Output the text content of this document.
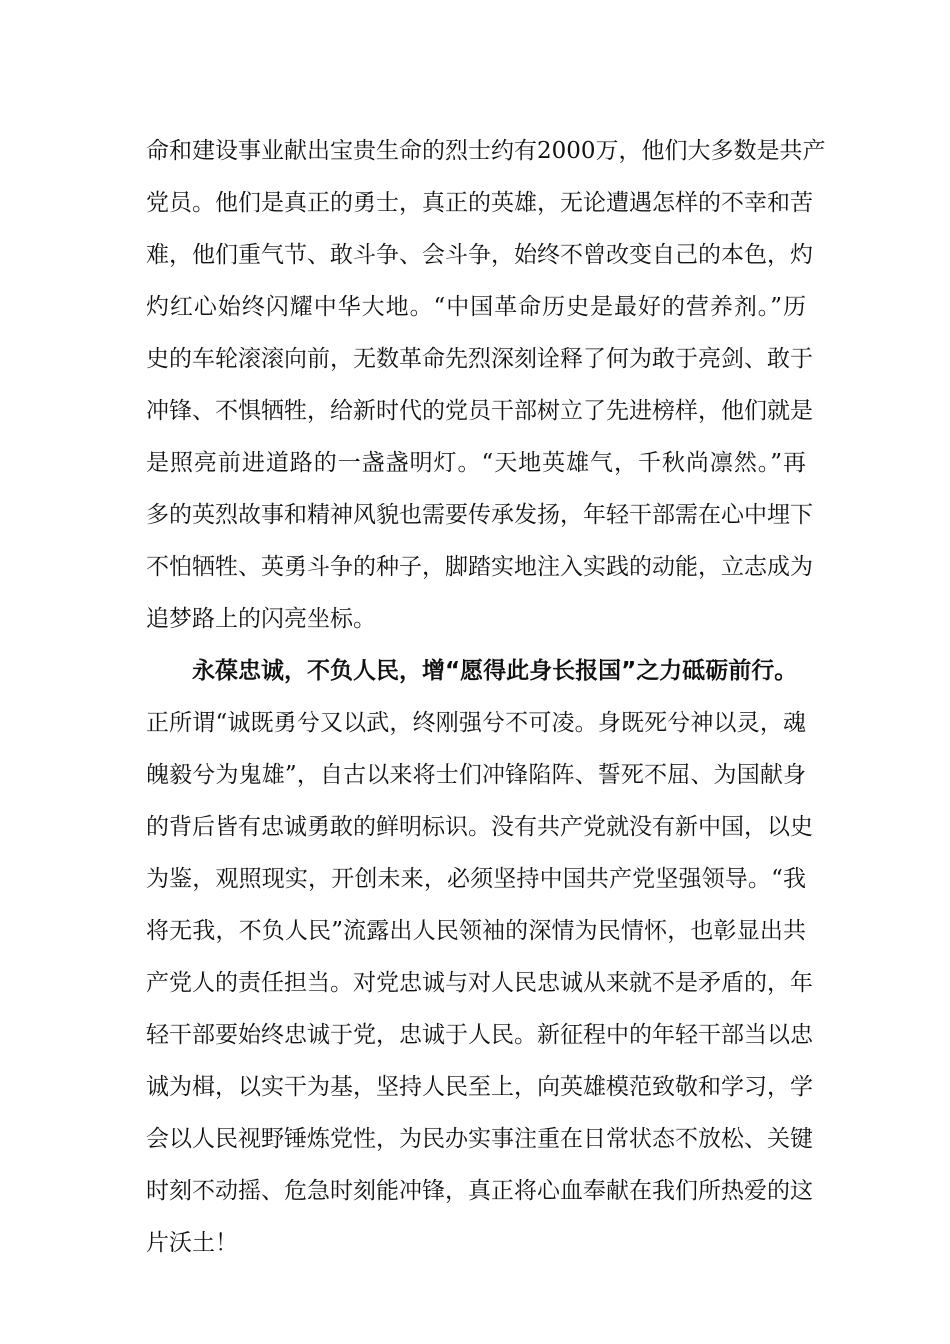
命和建设事业献出宝贵生命的烈士约有2000万，他们大多数是共产
党员。他们是真正的勇士，真正的英雄，无论遭遇怎样的不幸和苦
难，他们重气节、敢斗争、会斗争，始终不曾改变自己的本色，灼
灼红心始终闪耀中华大地。“中国革命历史是最好的营养剂。”历
史的车轮滚滚向前，无数革命先烈深刻诠释了何为敢于亮剑、敢于
冲锋、不惧牺牲，给新时代的党员干部树立了先进榜样，他们就是
是照亮前进道路的一盏盏明灯。“天地英雄气，千秋尚凛然。”再
多的英烈故事和精神风貌也需要传承发扬，年轻干部需在心中埋下
不怕牺牲、英勇斗争的种子，脚踏实地注入实践的动能，立志成为
追梦路上的闪亮坐标。
永葆忠诚，不负人民，增“愿得此身长报国”之力砥砺前行。
正所谓“诚既勇兮又以武，终刚强兮不可凌。身既死兮神以灵，魂
魄毅兮为鬼雄”，自古以来将士们冲锋陷阵、誓死不屈、为国献身
的背后皆有忠诚勇敢的鲜明标识。没有共产党就没有新中国，以史
为鉴，观照现实，开创未来，必须坚持中国共产党坚强领导。“我
将无我，不负人民”流露出人民领袖的深情为民情怀，也彰显出共
产党人的责任担当。对党忠诚与对人民忠诚从来就不是矛盾的，年
轻干部要始终忠诚于党，忠诚于人民。新征程中的年轻干部当以忠
诚为楫，以实干为基，坚持人民至上，向英雄模范致敬和学习，学
会以人民视野锤炼党性，为民办实事注重在日常状态不放松、关键
时刻不动摇、危急时刻能冲锋，真正将心血奉献在我们所热爱的这
片沃土！
